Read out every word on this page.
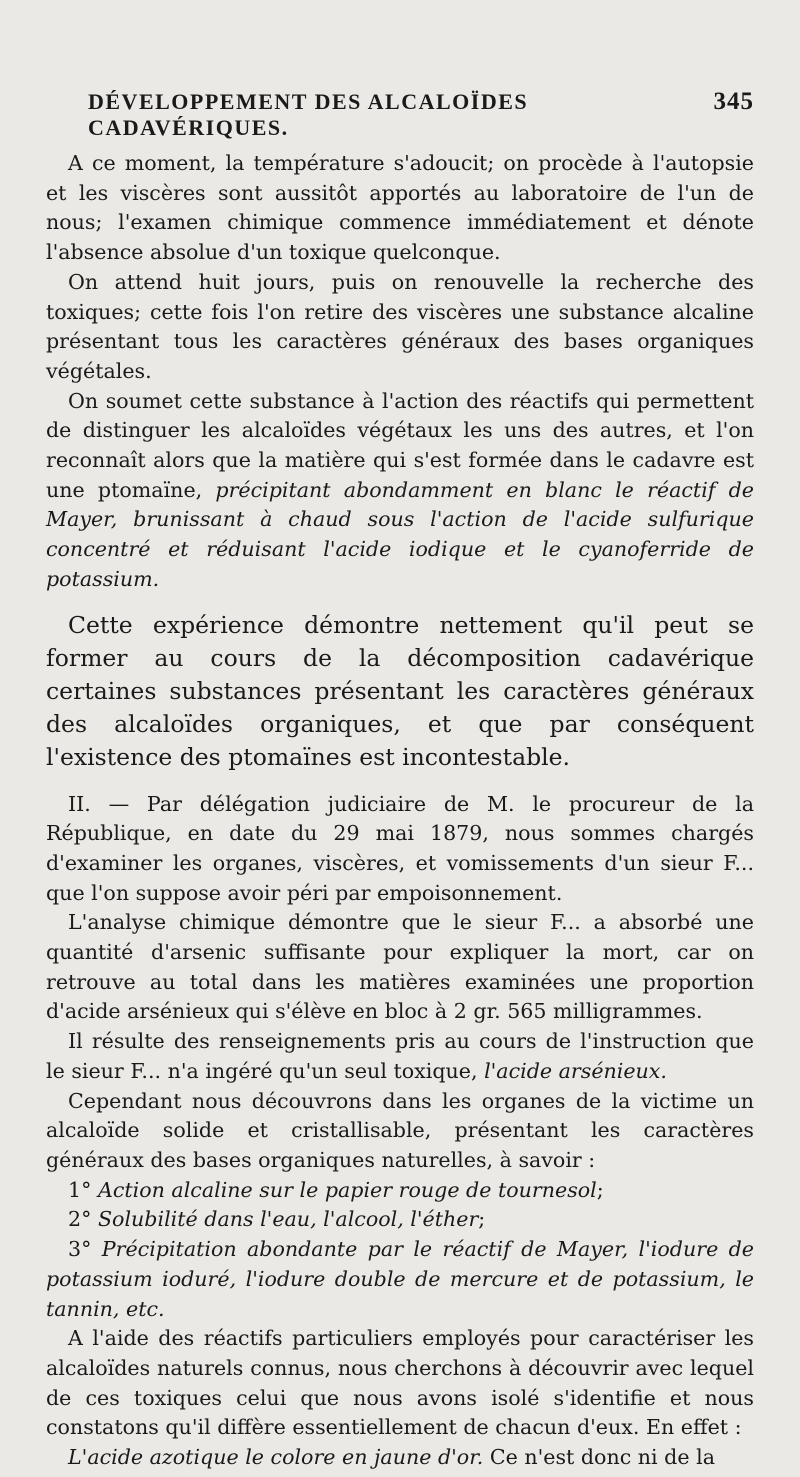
DÉVELOPPEMENT DES ALCALOÏDES CADAVÉRIQUES.
345

A ce moment, la température s'adoucit; on procède à l'autopsie et les viscères sont aussitôt apportés au laboratoire de l'un de nous; l'examen chimique commence immédiatement et dénote l'absence absolue d'un toxique quelconque.

On attend huit jours, puis on renouvelle la recherche des toxiques; cette fois l'on retire des viscères une substance alcaline présentant tous les caractères généraux des bases organiques végétales.

On soumet cette substance à l'action des réactifs qui permettent de distinguer les alcaloïdes végétaux les uns des autres, et l'on reconnaît alors que la matière qui s'est formée dans le cadavre est une ptomaïne, précipitant abondamment en blanc le réactif de Mayer, brunissant à chaud sous l'action de l'acide sulfurique concentré et réduisant l'acide iodique et le cyanoferride de potassium.

Cette expérience démontre nettement qu'il peut se former au cours de la décomposition cadavérique certaines substances présentant les caractères généraux des alcaloïdes organiques, et que par conséquent l'existence des ptomaïnes est incontestable.

II. — Par délégation judiciaire de M. le procureur de la République, en date du 29 mai 1879, nous sommes chargés d'examiner les organes, viscères, et vomissements d'un sieur F... que l'on suppose avoir péri par empoisonnement.

L'analyse chimique démontre que le sieur F... a absorbé une quantité d'arsenic suffisante pour expliquer la mort, car on retrouve au total dans les matières examinées une proportion d'acide arsénieux qui s'élève en bloc à 2 gr. 565 milligrammes.

Il résulte des renseignements pris au cours de l'instruction que le sieur F... n'a ingéré qu'un seul toxique, l'acide arsénieux.

Cependant nous découvrons dans les organes de la victime un alcaloïde solide et cristallisable, présentant les caractères généraux des bases organiques naturelles, à savoir :

1° Action alcaline sur le papier rouge de tournesol;

2° Solubilité dans l'eau, l'alcool, l'éther;

3° Précipitation abondante par le réactif de Mayer, l'iodure de potassium ioduré, l'iodure double de mercure et de potassium, le tannin, etc.

A l'aide des réactifs particuliers employés pour caractériser les alcaloïdes naturels connus, nous cherchons à découvrir avec lequel de ces toxiques celui que nous avons isolé s'identifie et nous constatons qu'il diffère essentiellement de chacun d'eux. En effet :

L'acide azotique le colore en jaune d'or. Ce n'est donc ni de la
